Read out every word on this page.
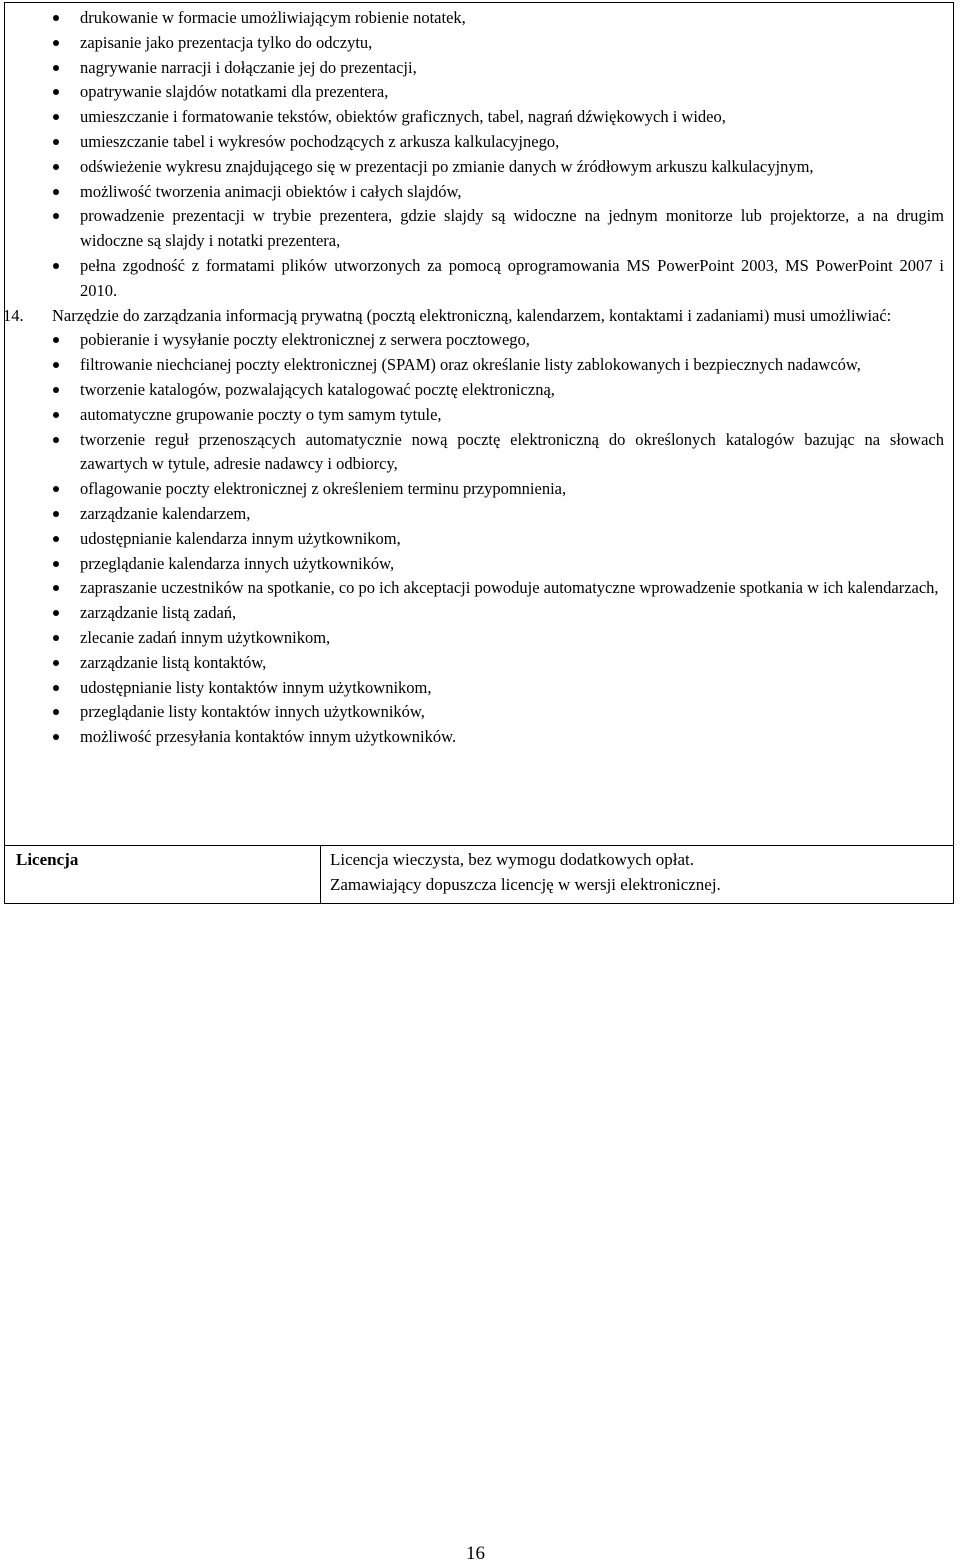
drukowanie w formacie umożliwiającym robienie notatek,
zapisanie jako prezentacja tylko do odczytu,
nagrywanie narracji i dołączanie jej do prezentacji,
opatrywanie slajdów notatkami dla prezentera,
umieszczanie i formatowanie tekstów, obiektów graficznych, tabel, nagrań dźwiękowych i wideo,
umieszczanie tabel i wykresów pochodzących z arkusza kalkulacyjnego,
odświeżenie wykresu znajdującego się w prezentacji po zmianie danych w źródłowym arkuszu kalkulacyjnym,
możliwość tworzenia animacji obiektów i całych slajdów,
prowadzenie prezentacji w trybie prezentera, gdzie slajdy są widoczne na jednym monitorze lub projektorze, a na drugim widoczne są slajdy i notatki prezentera,
pełna zgodność z formatami plików utworzonych za pomocą oprogramowania MS PowerPoint 2003, MS PowerPoint 2007 i 2010.
14. Narzędzie do zarządzania informacją prywatną (pocztą elektroniczną, kalendarzem, kontaktami i zadaniami) musi umożliwiać:
pobieranie i wysyłanie poczty elektronicznej z serwera pocztowego,
filtrowanie niechcianej poczty elektronicznej (SPAM) oraz określanie listy zablokowanych i bezpiecznych nadawców,
tworzenie katalogów, pozwalających katalogować pocztę elektroniczną,
automatyczne grupowanie poczty o tym samym tytule,
tworzenie reguł przenoszących automatycznie nową pocztę elektroniczną do określonych katalogów bazując na słowach zawartych w tytule, adresie nadawcy i odbiorcy,
oflagowanie poczty elektronicznej z określeniem terminu przypomnienia,
zarządzanie kalendarzem,
udostępnianie kalendarza innym użytkownikom,
przeglądanie kalendarza innych użytkowników,
zapraszanie uczestników na spotkanie, co po ich akceptacji powoduje automatyczne wprowadzenie spotkania w ich kalendarzach,
zarządzanie listą zadań,
zlecanie zadań innym użytkownikom,
zarządzanie listą kontaktów,
udostępnianie listy kontaktów innym użytkownikom,
przeglądanie listy kontaktów innych użytkowników,
możliwość przesyłania kontaktów innym użytkowników.
Licencja	Licencja wieczysta, bez wymogu dodatkowych opłat.
Zamawiający dopuszcza licencję w wersji elektronicznej.
16
